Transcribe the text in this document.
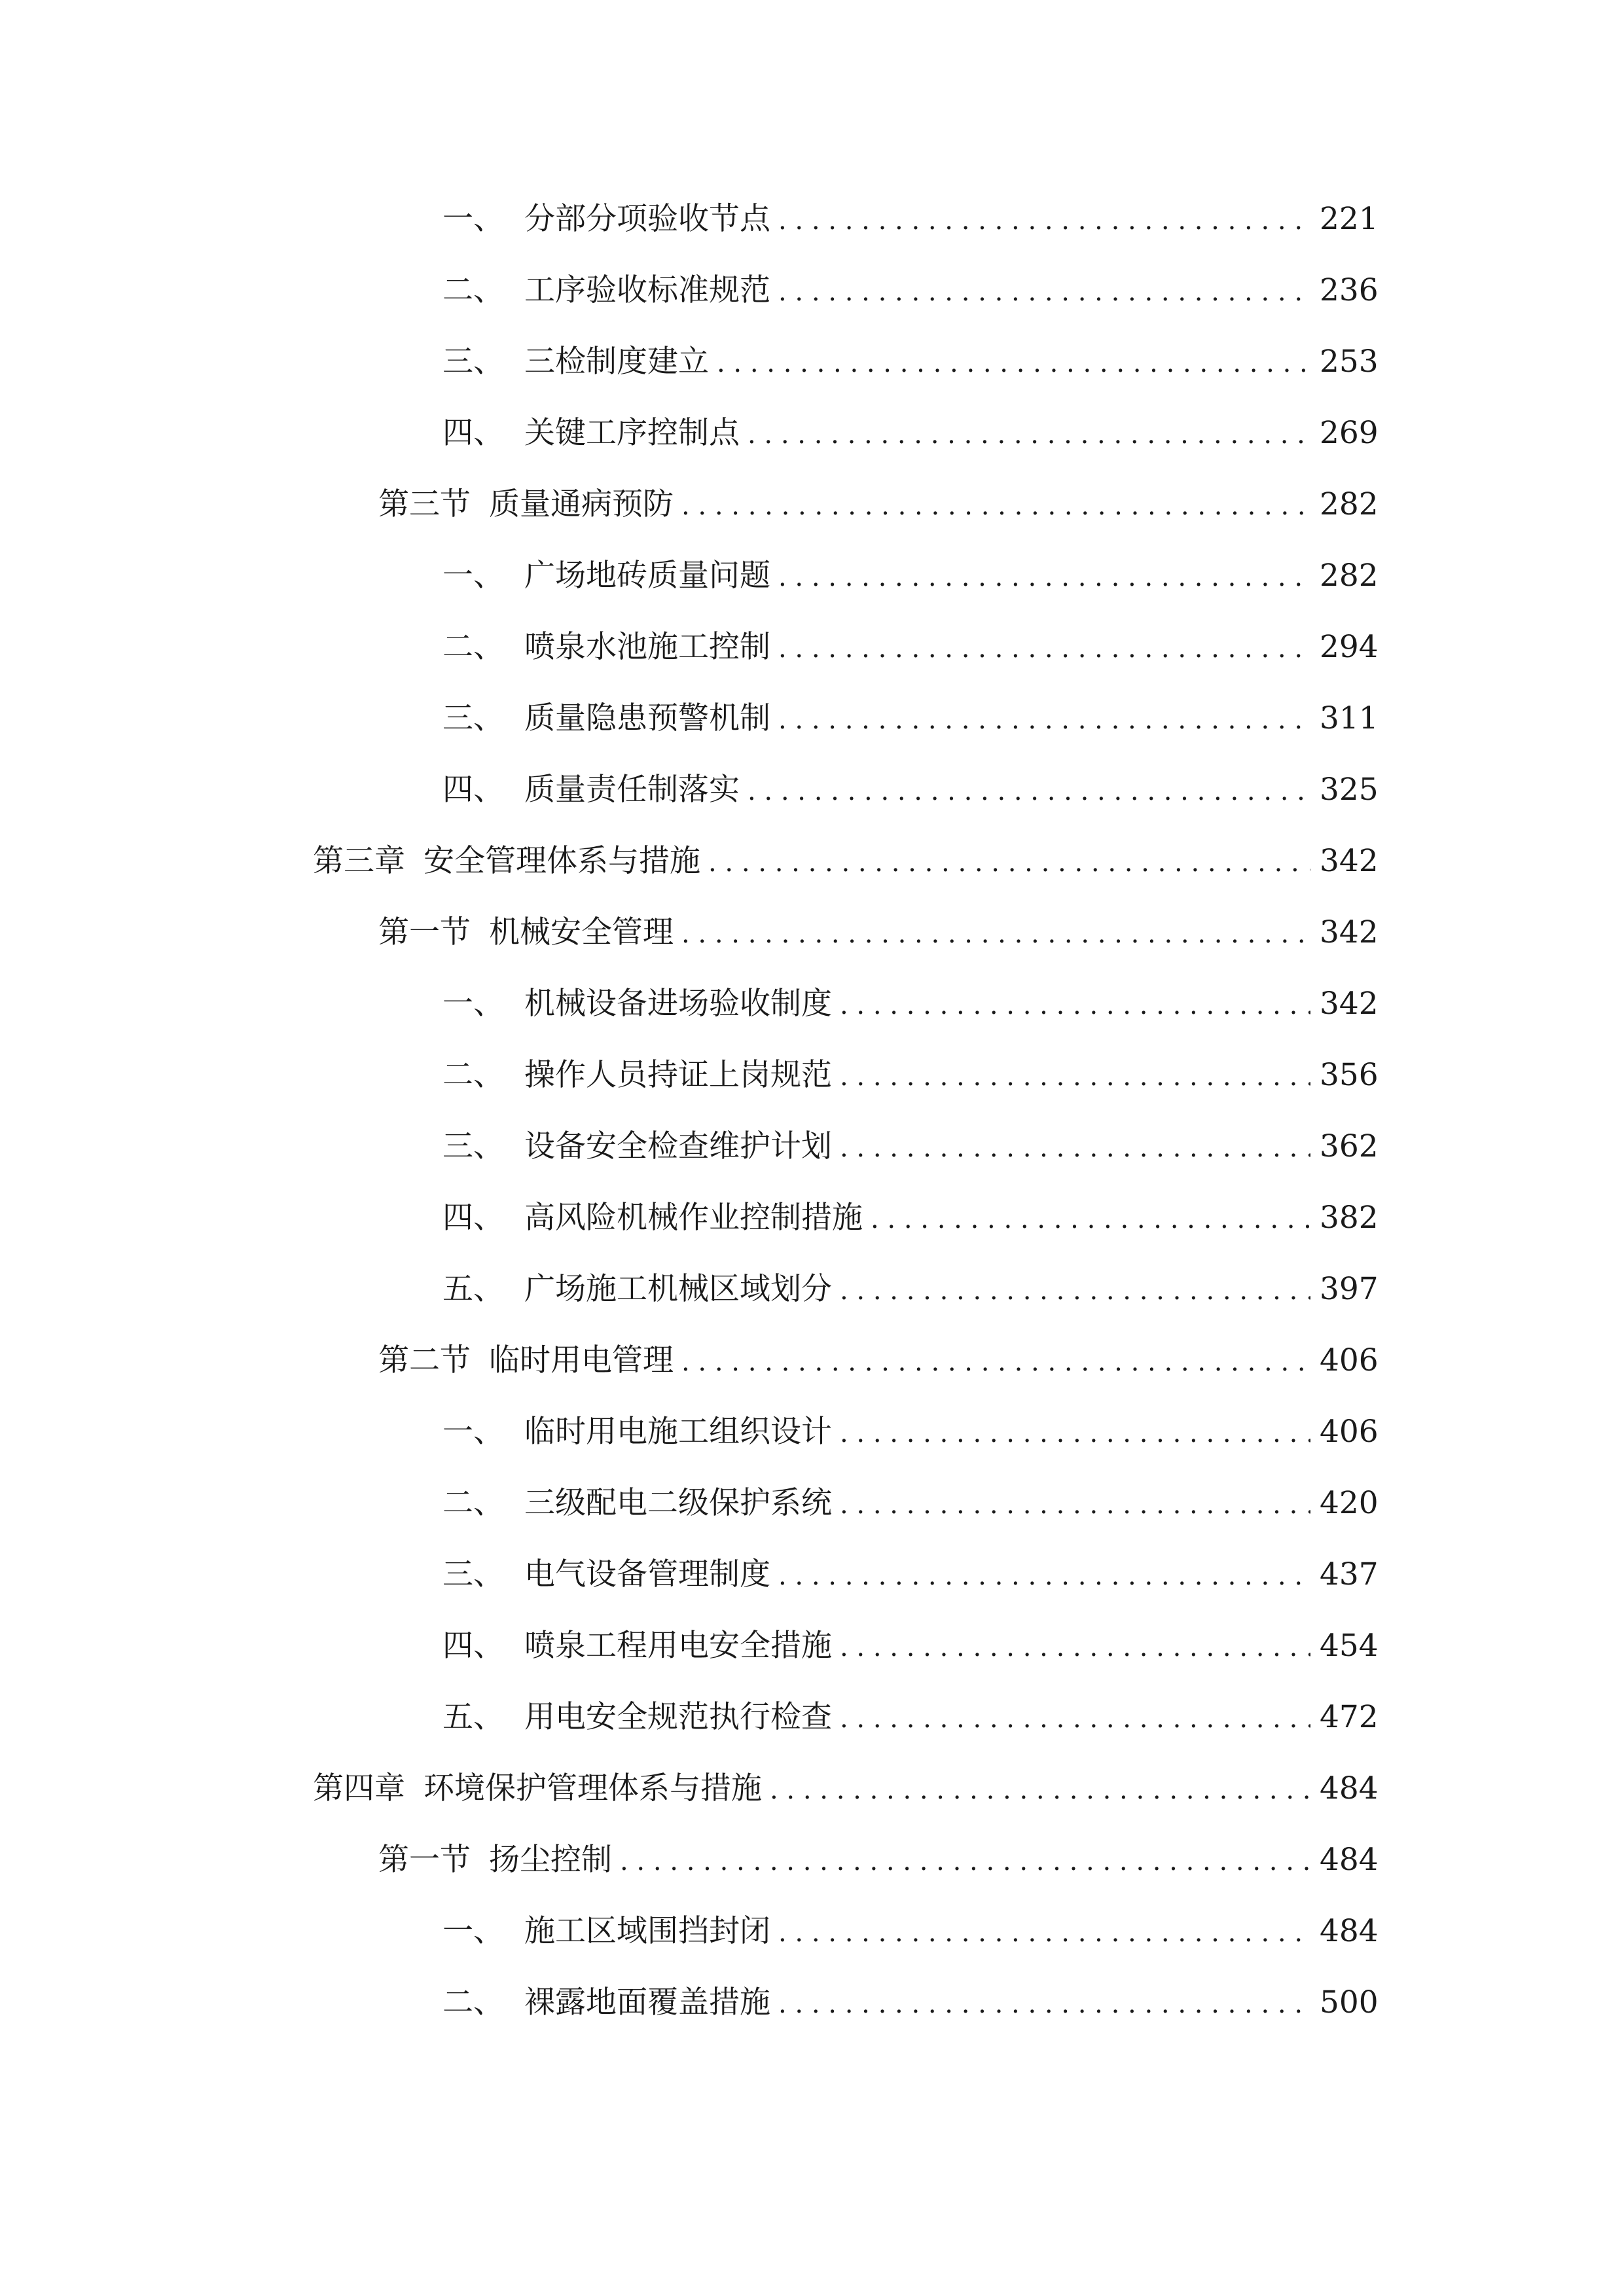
一、 分部分项验收节点 . . .	221
二、 工序验收标准规范 . . .	236
三、 三检制度建立 . . .	253
四、 关键工序控制点 . . .	269
第三节 质量通病预防 . . .	282
一、 广场地砖质量问题 . . .	282
二、 喷泉水池施工控制 . . .	294
三、 质量隐患预警机制 . . .	311
四、 质量责任制落实 . . .	325
第三章 安全管理体系与措施 . . .	342
第一节 机械安全管理 . . .	342
一、 机械设备进场验收制度 . . .	342
二、 操作人员持证上岗规范 . . .	356
三、 设备安全检查维护计划 . . .	362
四、 高风险机械作业控制措施 . . .	382
五、 广场施工机械区域划分 . . .	397
第二节 临时用电管理 . . .	406
一、 临时用电施工组织设计 . . .	406
二、 三级配电二级保护系统 . . .	420
三、 电气设备管理制度 . . .	437
四、 喷泉工程用电安全措施 . . .	454
五、 用电安全规范执行检查 . . .	472
第四章 环境保护管理体系与措施 . . .	484
第一节 扬尘控制 . . .	484
一、 施工区域围挡封闭 . . .	484
二、 裸露地面覆盖措施 . . .	500
